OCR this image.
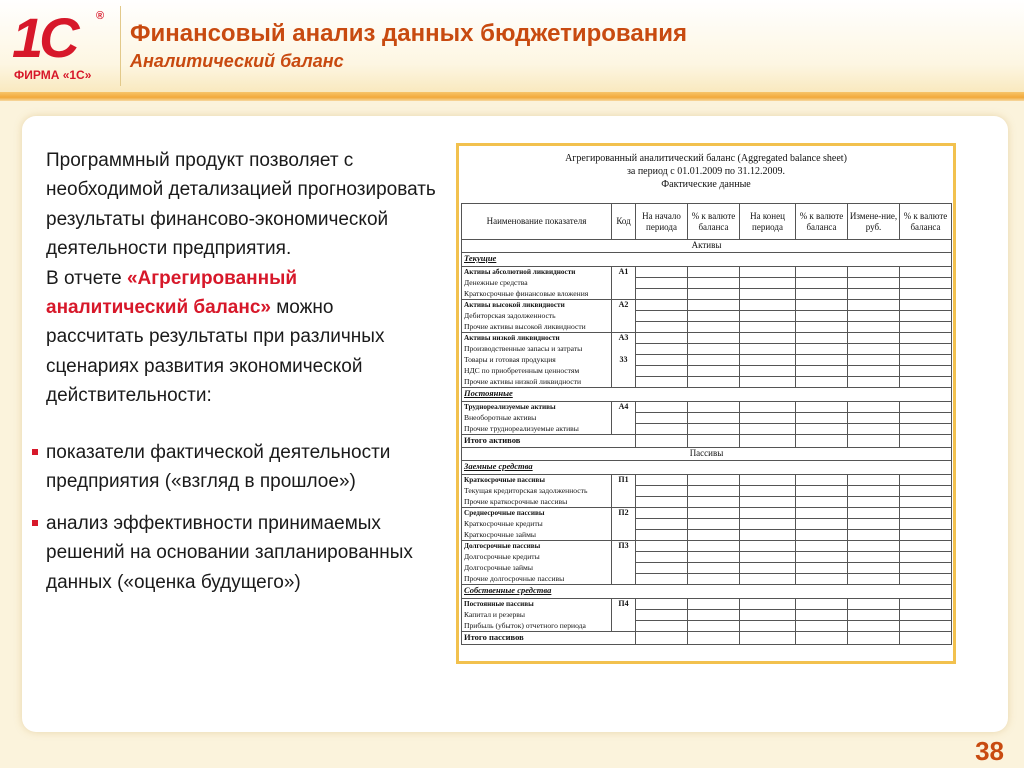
1С ®
ФИРМА «1С»
Финансовый анализ данных бюджетирования
Аналитический баланс
Программный продукт позволяет с необходимой детализацией прогнозировать результаты финансово-экономической деятельности предприятия.
В отчете «Агрегированный аналитический баланс» можно рассчитать результаты при различных сценариях развития экономической действительности:
показатели фактической деятельности предприятия («взгляд в прошлое»)
анализ эффективности принимаемых решений на основании запланированных данных («оценка будущего»)
Агрегированный аналитический баланс (Aggregated balance sheet)
за период с 01.01.2009 по 31.12.2009.
Фактические данные
Наименование показателя	Код	На начало периода	% к валюте баланса	На конец периода	% к валюте баланса	Измене-ние, руб.	% к валюте баланса
Активы							
Текущие							
Активы абсолютной ликвидности	А1						
Денежные средства							
Краткосрочные финансовые вложения							
Активы высокой ликвидности	А2						
Дебиторская задолженность							
Прочие активы высокой ликвидности							
Активы низкой ликвидности	А3						
Производственные запасы и затраты							
Товары и готовая продукция	33						
НДС по приобретенным ценностям							
Прочие активы низкой ликвидности							
Постоянные							
Труднореализуемые активы	А4						
Внеоборотные активы							
Прочие труднореализуемые активы							
Итого активов							
Пассивы							
Заемные средства							
Краткосрочные пассивы	П1						
Текущая кредиторская задолженность							
Прочие краткосрочные пассивы							
Среднесрочные пассивы	П2						
Краткосрочные кредиты							
Краткосрочные займы							
Долгосрочные пассивы	П3						
Долгосрочные кредиты							
Долгосрочные займы							
Прочие долгосрочные пассивы							
Собственные средства							
Постоянные пассивы	П4						
Капитал и резервы							
Прибыль (убыток) отчетного периода							
Итого пассивов							
38
